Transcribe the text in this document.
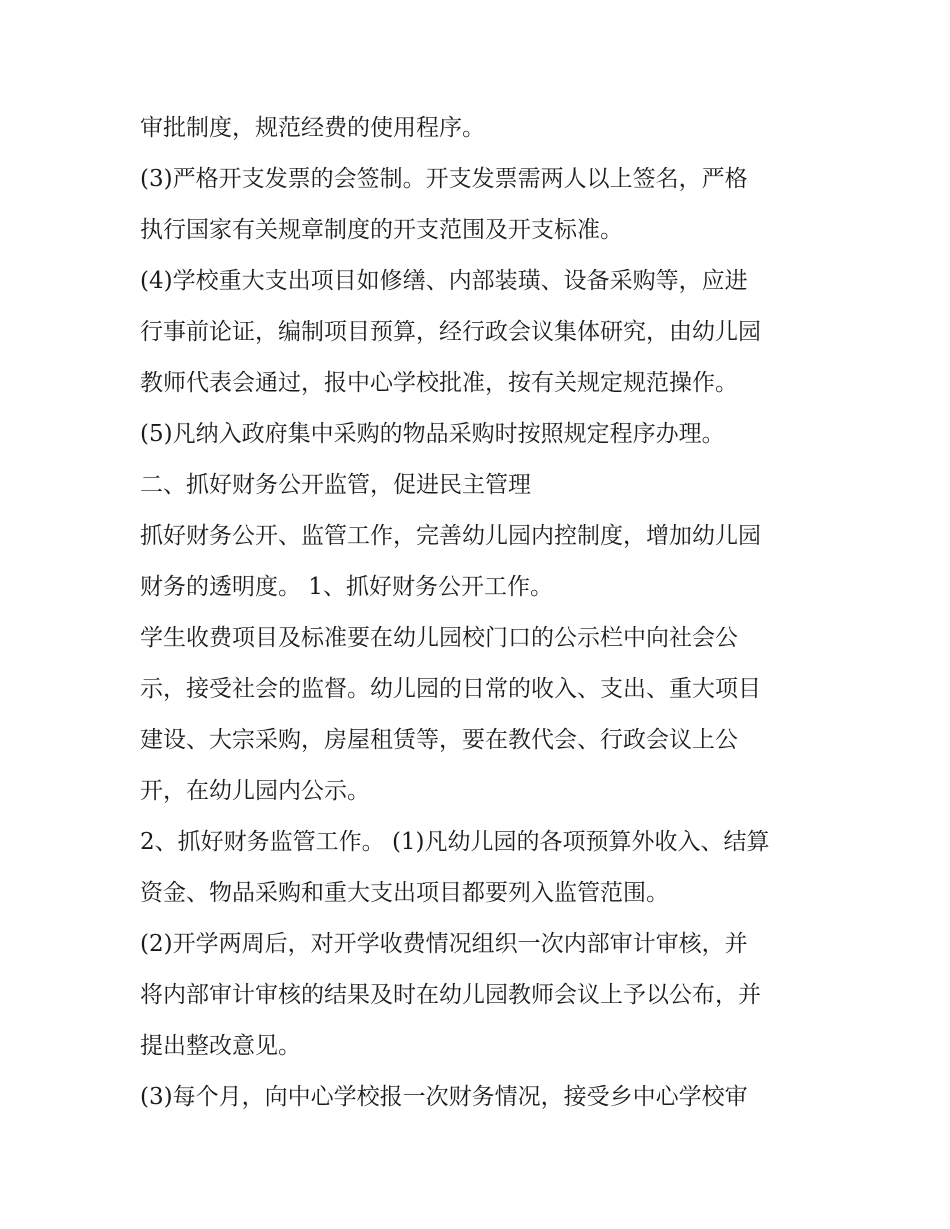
审批制度，规范经费的使用程序。
(3)严格开支发票的会签制。开支发票需两人以上签名，严格
执行国家有关规章制度的开支范围及开支标准。
(4)学校重大支出项目如修缮、内部装璜、设备采购等，应进
行事前论证，编制项目预算，经行政会议集体研究，由幼儿园
教师代表会通过，报中心学校批准，按有关规定规范操作。
(5)凡纳入政府集中采购的物品采购时按照规定程序办理。
二、抓好财务公开监管，促进民主管理
抓好财务公开、监管工作，完善幼儿园内控制度，增加幼儿园
财务的透明度。 1、抓好财务公开工作。
学生收费项目及标准要在幼儿园校门口的公示栏中向社会公
示，接受社会的监督。幼儿园的日常的收入、支出、重大项目
建设、大宗采购，房屋租赁等，要在教代会、行政会议上公
开，在幼儿园内公示。
2、抓好财务监管工作。 (1)凡幼儿园的各项预算外收入、结算
资金、物品采购和重大支出项目都要列入监管范围。
(2)开学两周后，对开学收费情况组织一次内部审计审核，并
将内部审计审核的结果及时在幼儿园教师会议上予以公布，并
提出整改意见。
(3)每个月，向中心学校报一次财务情况，接受乡中心学校审
